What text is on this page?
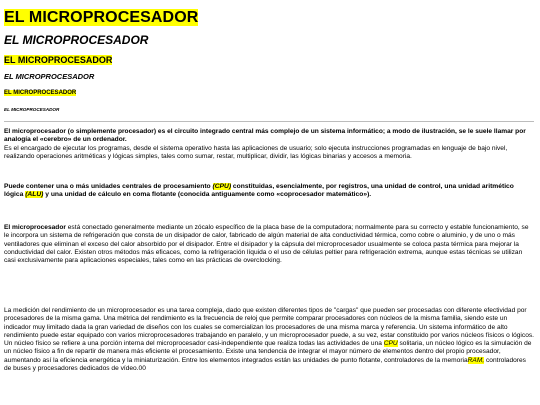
EL MICROPROCESADOR
EL MICROPROCESADOR
EL MICROPROCESADOR
EL MICROPROCESADOR
EL MICROPROCESADOR
EL MICROPROCESADOR

El microprocesador (o simplemente procesador) es el circuito integrado central más complejo de un sistema informático; a modo de ilustración, se le suele llamar por analogía el «cerebro» de un ordenador.
Es el encargado de ejecutar los programas, desde el sistema operativo hasta las aplicaciones de usuario; solo ejecuta instrucciones programadas en lenguaje de bajo nivel, realizando operaciones aritméticas y lógicas simples, tales como sumar, restar, multiplicar, dividir, las lógicas binarias y accesos a memoria.

Puede contener una o más unidades centrales de procesamiento (CPU) constituidas, esencialmente, por registros, una unidad de control, una unidad aritmético lógica (ALU) y una unidad de cálculo en coma flotante (conocida antiguamente como «coprocesador matemático»).

El microprocesador está conectado generalmente mediante un zócalo específico de la placa base de la computadora; normalmente para su correcto y estable funcionamiento, se le incorpora un sistema de refrigeración que consta de un disipador de calor, fabricado de algún material de alta conductividad térmica, como cobre o aluminio, y de uno o más ventiladores que eliminan el exceso del calor absorbido por el disipador. Entre el disipador y la cápsula del microprocesador usualmente se coloca pasta térmica para mejorar la conductividad del calor. Existen otros métodos más eficaces, como la refrigeración líquida o el uso de células peltier para refrigeración extrema, aunque estas técnicas se utilizan casi exclusivamente para aplicaciones especiales, tales como en las prácticas de overclocking.

La medición del rendimiento de un microprocesador es una tarea compleja, dado que existen diferentes tipos de "cargas" que pueden ser procesadas con diferente efectividad por procesadores de la misma gama. Una métrica del rendimiento es la frecuencia de reloj que permite comparar procesadores con núcleos de la misma familia, siendo este un indicador muy limitado dada la gran variedad de diseños con los cuales se comercializan los procesadores de una misma marca y referencia. Un sistema informático de alto rendimiento puede estar equipado con varios microprocesadores trabajando en paralelo, y un microprocesador puede, a su vez, estar constituido por varios núcleos físicos o lógicos. Un núcleo físico se refiere a una porción interna del microprocesador casi-independiente que realiza todas las actividades de una CPU solitaria, un núcleo lógico es la simulación de un núcleo físico a fin de repartir de manera más eficiente el procesamiento. Existe una tendencia de integrar el mayor número de elementos dentro del propio procesador, aumentando así la eficiencia energética y la miniaturización. Entre los elementos integrados están las unidades de punto flotante, controladores de la memoriaRAM, controladores de buses y procesadores dedicados de vídeo.00
